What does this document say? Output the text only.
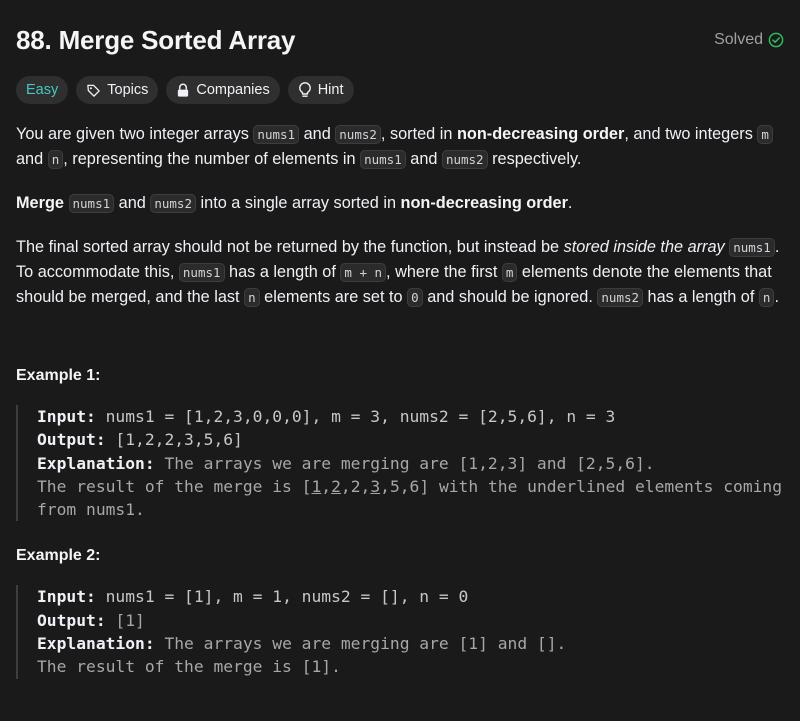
88. Merge Sorted Array	Solved
Easy	Topics	Companies	Hint

You are given two integer arrays nums1 and nums2 , sorted in non-decreasing order, and two integers m and n , representing the number of elements in nums1 and nums2 respectively.

Merge nums1 and nums2 into a single array sorted in non-decreasing order.

The final sorted array should not be returned by the function, but instead be stored inside the array nums1 . To accommodate this, nums1 has a length of m + n , where the first m elements denote the elements that should be merged, and the last n elements are set to 0 and should be ignored. nums2 has a length of n .

Example 1:

Input: nums1 = [1,2,3,0,0,0], m = 3, nums2 = [2,5,6], n = 3
Output: [1,2,2,3,5,6]
Explanation: The arrays we are merging are [1,2,3] and [2,5,6].
The result of the merge is [1,2,2,3,5,6] with the underlined elements coming from nums1.

Example 2:

Input: nums1 = [1], m = 1, nums2 = [], n = 0
Output: [1]
Explanation: The arrays we are merging are [1] and [].
The result of the merge is [1].
